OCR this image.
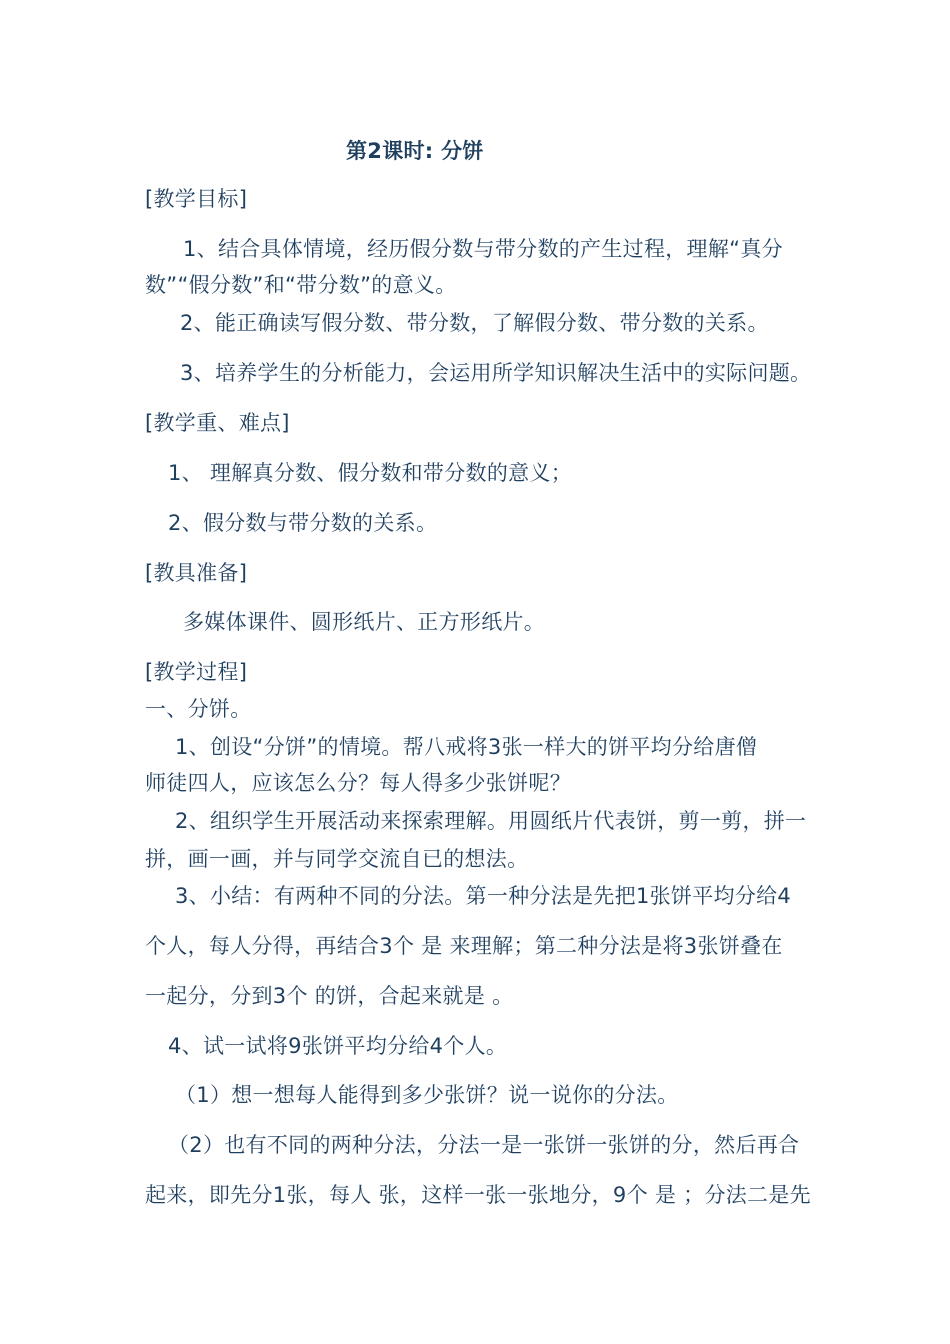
第2课时: 分饼
[教学目标]
1、结合具体情境，经历假分数与带分数的产生过程，理解“真分
数”“假分数”和“带分数”的意义。
2、能正确读写假分数、带分数，了解假分数、带分数的关系。
3、培养学生的分析能力，会运用所学知识解决生活中的实际问题。
[教学重、难点]
1、 理解真分数、假分数和带分数的意义；
2、假分数与带分数的关系。
[教具准备]
多媒体课件、圆形纸片、正方形纸片。
[教学过程]
一、分饼。
1、创设“分饼”的情境。帮八戒将3张一样大的饼平均分给唐僧
师徒四人，应该怎么分？每人得多少张饼呢？
2、组织学生开展活动来探索理解。用圆纸片代表饼，剪一剪，拼一
拼，画一画，并与同学交流自已的想法。
3、小结：有两种不同的分法。第一种分法是先把1张饼平均分给4
个人，每人分得，再结合3个 是 来理解；第二种分法是将3张饼叠在
一起分，分到3个 的饼，合起来就是 。
4、试一试将9张饼平均分给4个人。
（1）想一想每人能得到多少张饼？说一说你的分法。
（2）也有不同的两种分法，分法一是一张饼一张饼的分，然后再合
起来，即先分1张，每人 张，这样一张一张地分，9个 是 ；分法二是先
